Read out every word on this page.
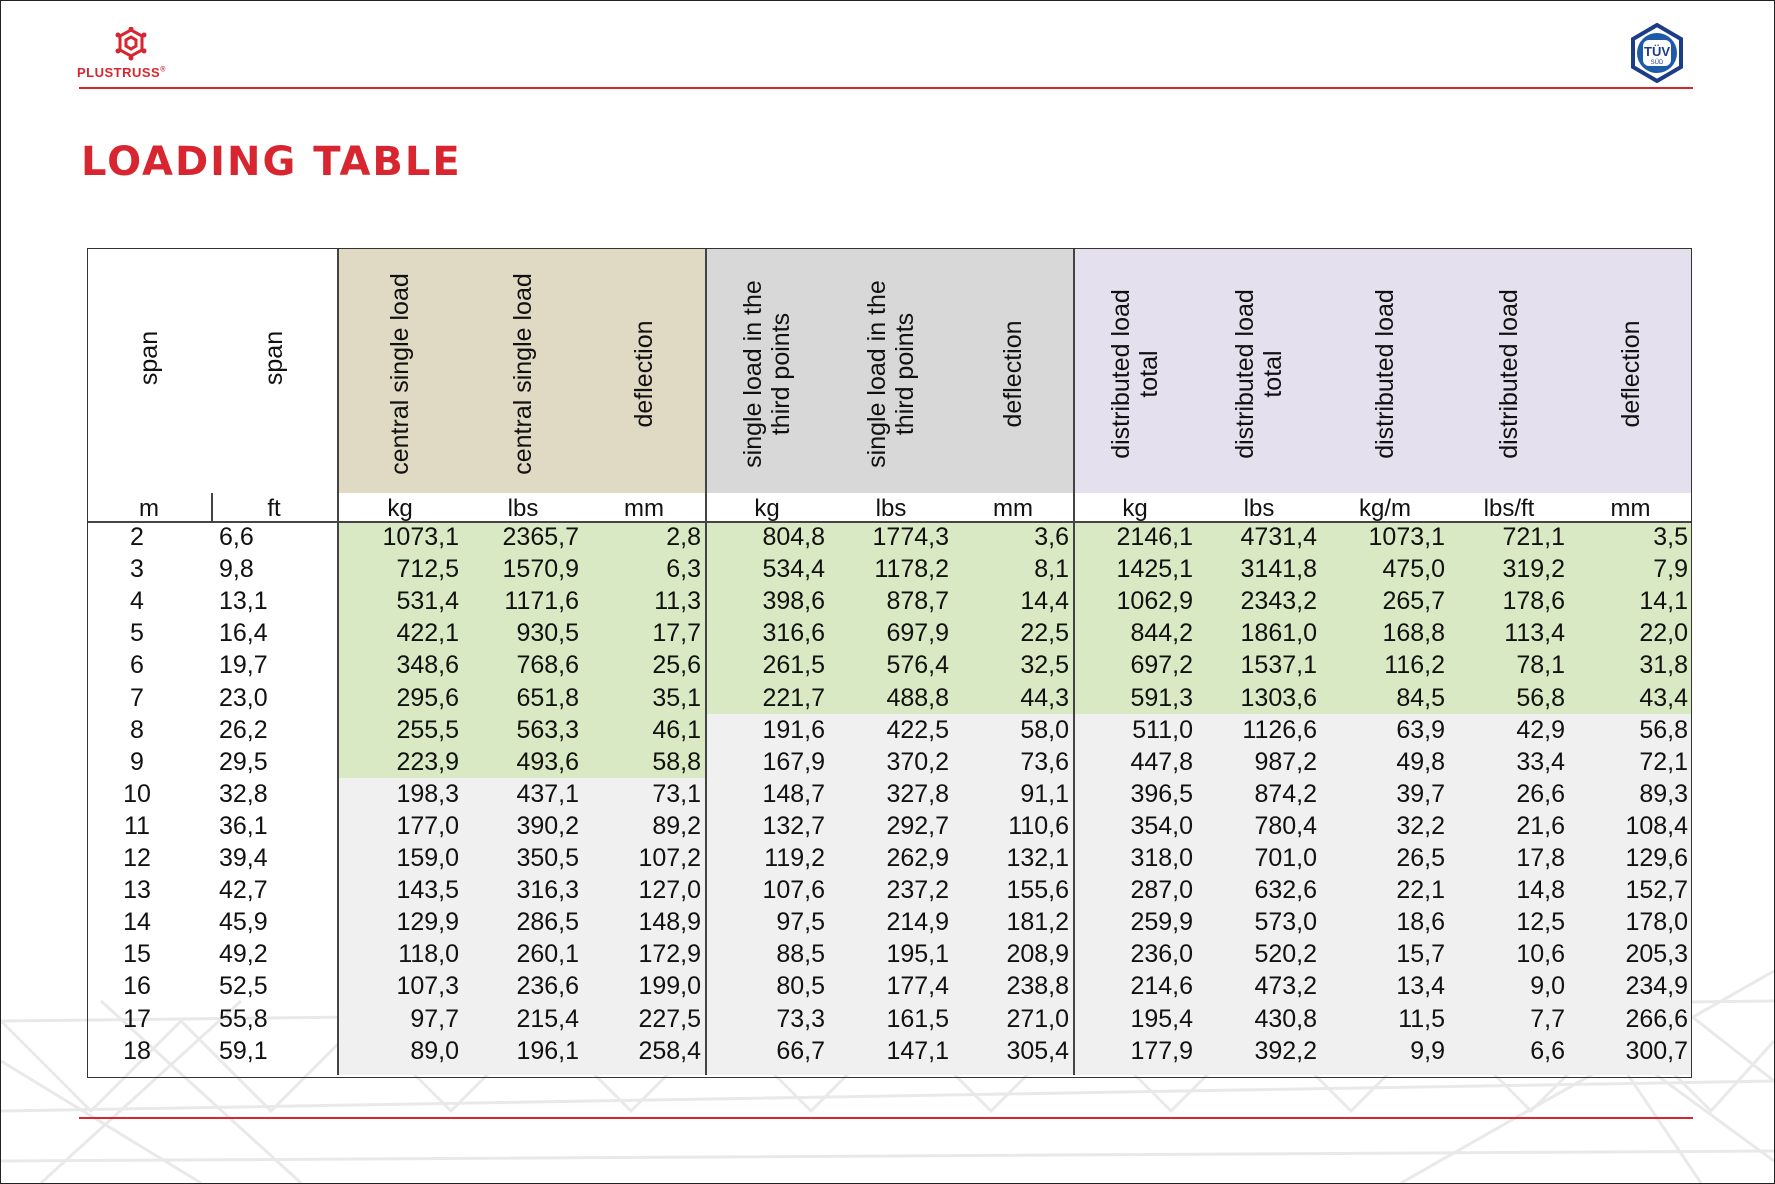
PLUSTRUSS®
TÜV
SÜD
LOADING TABLE
span	span	central single load	central single load	deflection	single load in the third points	single load in the third points	deflection	distributed load total	distributed load total	distributed load	distributed load	deflection
m	ft	kg	lbs	mm	kg	lbs	mm	kg	lbs	kg/m	lbs/ft	mm
2	6,6	1073,1	2365,7	2,8	804,8	1774,3	3,6	2146,1	4731,4	1073,1	721,1	3,5
3	9,8	712,5	1570,9	6,3	534,4	1178,2	8,1	1425,1	3141,8	475,0	319,2	7,9
4	13,1	531,4	1171,6	11,3	398,6	878,7	14,4	1062,9	2343,2	265,7	178,6	14,1
5	16,4	422,1	930,5	17,7	316,6	697,9	22,5	844,2	1861,0	168,8	113,4	22,0
6	19,7	348,6	768,6	25,6	261,5	576,4	32,5	697,2	1537,1	116,2	78,1	31,8
7	23,0	295,6	651,8	35,1	221,7	488,8	44,3	591,3	1303,6	84,5	56,8	43,4
8	26,2	255,5	563,3	46,1	191,6	422,5	58,0	511,0	1126,6	63,9	42,9	56,8
9	29,5	223,9	493,6	58,8	167,9	370,2	73,6	447,8	987,2	49,8	33,4	72,1
10	32,8	198,3	437,1	73,1	148,7	327,8	91,1	396,5	874,2	39,7	26,6	89,3
11	36,1	177,0	390,2	89,2	132,7	292,7	110,6	354,0	780,4	32,2	21,6	108,4
12	39,4	159,0	350,5	107,2	119,2	262,9	132,1	318,0	701,0	26,5	17,8	129,6
13	42,7	143,5	316,3	127,0	107,6	237,2	155,6	287,0	632,6	22,1	14,8	152,7
14	45,9	129,9	286,5	148,9	97,5	214,9	181,2	259,9	573,0	18,6	12,5	178,0
15	49,2	118,0	260,1	172,9	88,5	195,1	208,9	236,0	520,2	15,7	10,6	205,3
16	52,5	107,3	236,6	199,0	80,5	177,4	238,8	214,6	473,2	13,4	9,0	234,9
17	55,8	97,7	215,4	227,5	73,3	161,5	271,0	195,4	430,8	11,5	7,7	266,6
18	59,1	89,0	196,1	258,4	66,7	147,1	305,4	177,9	392,2	9,9	6,6	300,7
